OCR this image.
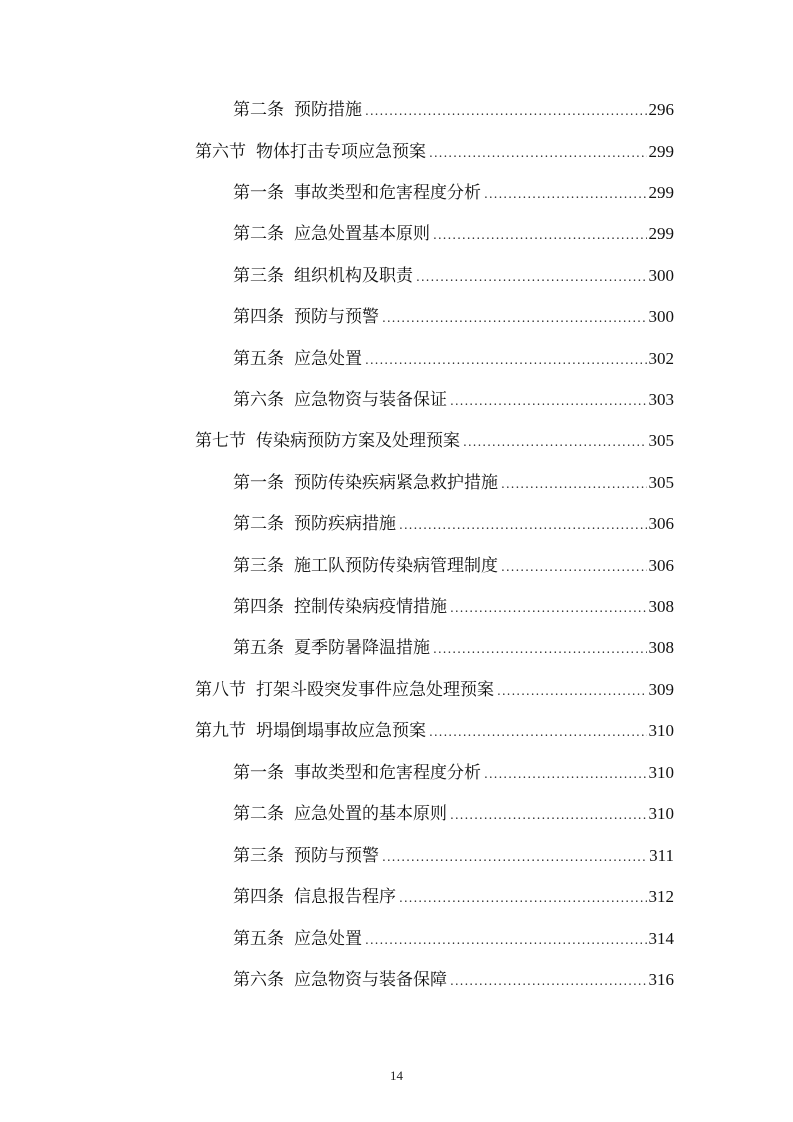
第二条 预防措施 .....	296
第六节 物体打击专项应急预案 .....	299
第一条 事故类型和危害程度分析 .....	299
第二条 应急处置基本原则 .....	299
第三条 组织机构及职责 .....	300
第四条 预防与预警 .....	300
第五条 应急处置 .....	302
第六条 应急物资与装备保证 .....	303
第七节 传染病预防方案及处理预案 .....	305
第一条 预防传染疾病紧急救护措施 .....	305
第二条 预防疾病措施 .....	306
第三条 施工队预防传染病管理制度 .....	306
第四条 控制传染病疫情措施 .....	308
第五条 夏季防暑降温措施 .....	308
第八节 打架斗殴突发事件应急处理预案 .....	309
第九节 坍塌倒塌事故应急预案 .....	310
第一条 事故类型和危害程度分析 .....	310
第二条 应急处置的基本原则 .....	310
第三条 预防与预警 .....	311
第四条 信息报告程序 .....	312
第五条 应急处置 .....	314
第六条 应急物资与装备保障 .....	316
14
